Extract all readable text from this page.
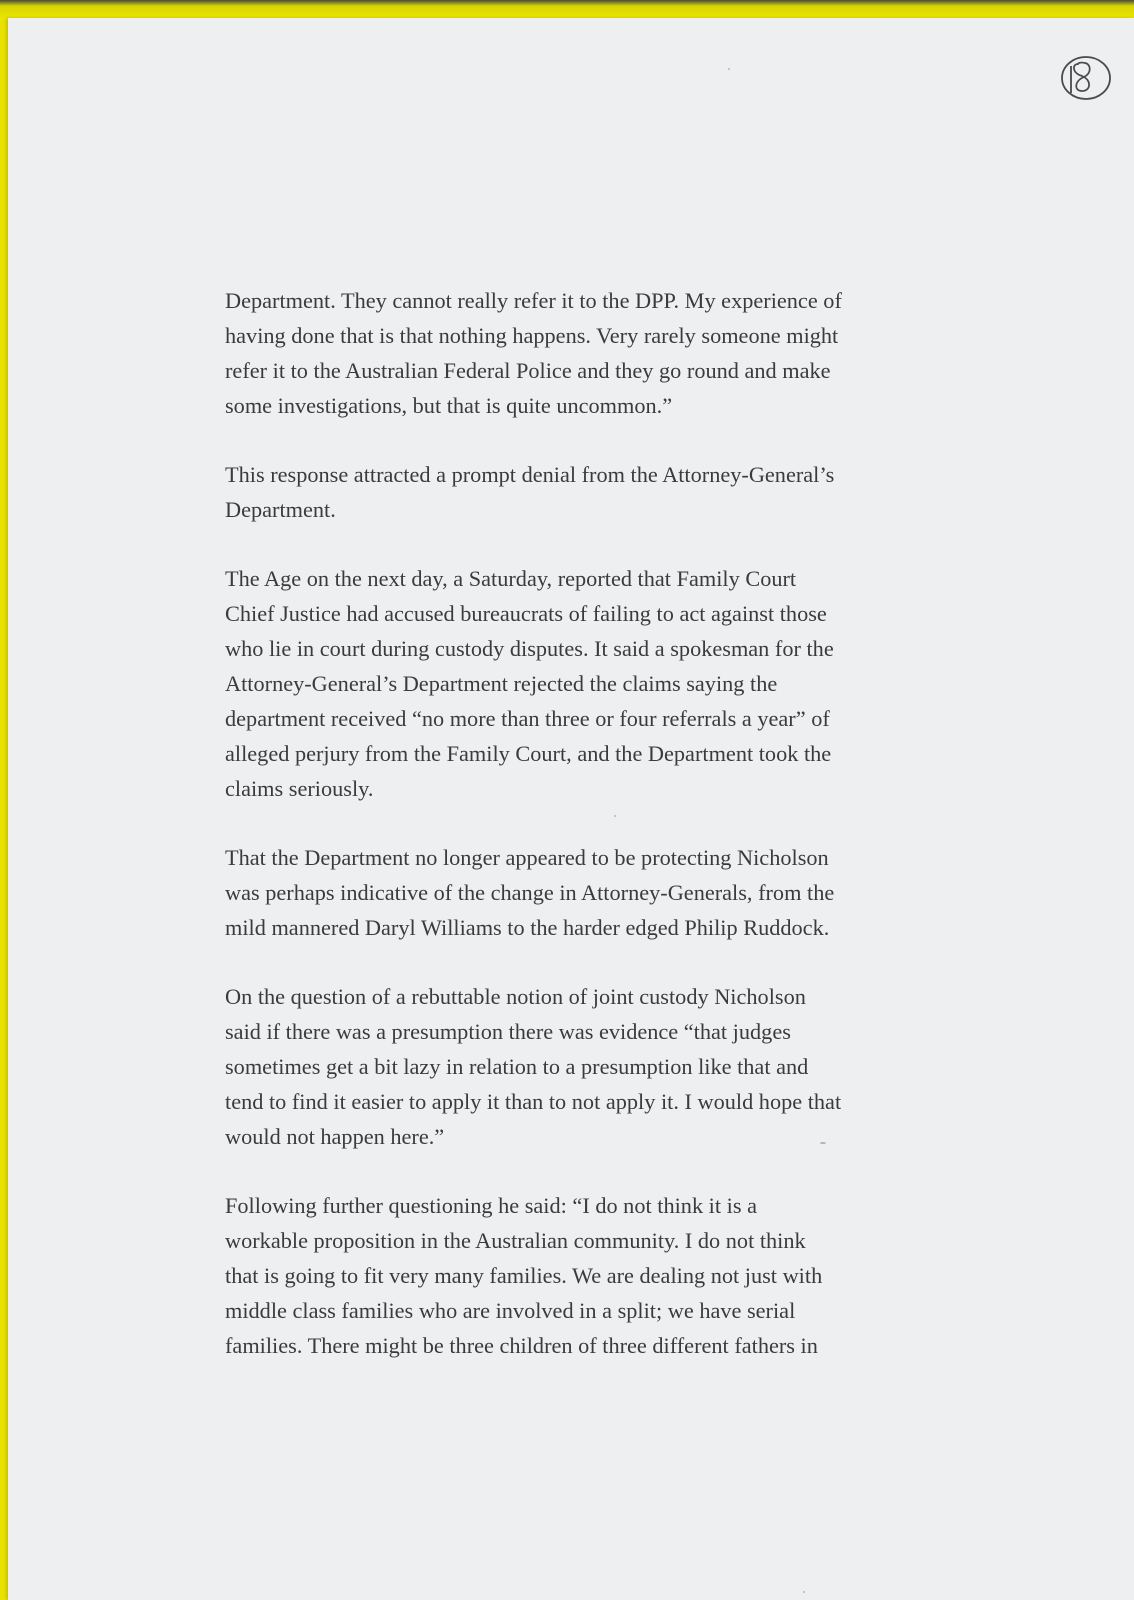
Department. They cannot really refer it to the DPP. My experience of
having done that is that nothing happens. Very rarely someone might
refer it to the Australian Federal Police and they go round and make
some investigations, but that is quite uncommon.”

This response attracted a prompt denial from the Attorney-General’s
Department.

The Age on the next day, a Saturday, reported that Family Court
Chief Justice had accused bureaucrats of failing to act against those
who lie in court during custody disputes. It said a spokesman for the
Attorney-General’s Department rejected the claims saying the
department received “no more than three or four referrals a year” of
alleged perjury from the Family Court, and the Department took the
claims seriously.

That the Department no longer appeared to be protecting Nicholson
was perhaps indicative of the change in Attorney-Generals, from the
mild mannered Daryl Williams to the harder edged Philip Ruddock.

On the question of a rebuttable notion of joint custody Nicholson
said if there was a presumption there was evidence “that judges
sometimes get a bit lazy in relation to a presumption like that and
tend to find it easier to apply it than to not apply it. I would hope that
would not happen here.”

Following further questioning he said: “I do not think it is a
workable proposition in the Australian community. I do not think
that is going to fit very many families. We are dealing not just with
middle class families who are involved in a split; we have serial
families. There might be three children of three different fathers in
